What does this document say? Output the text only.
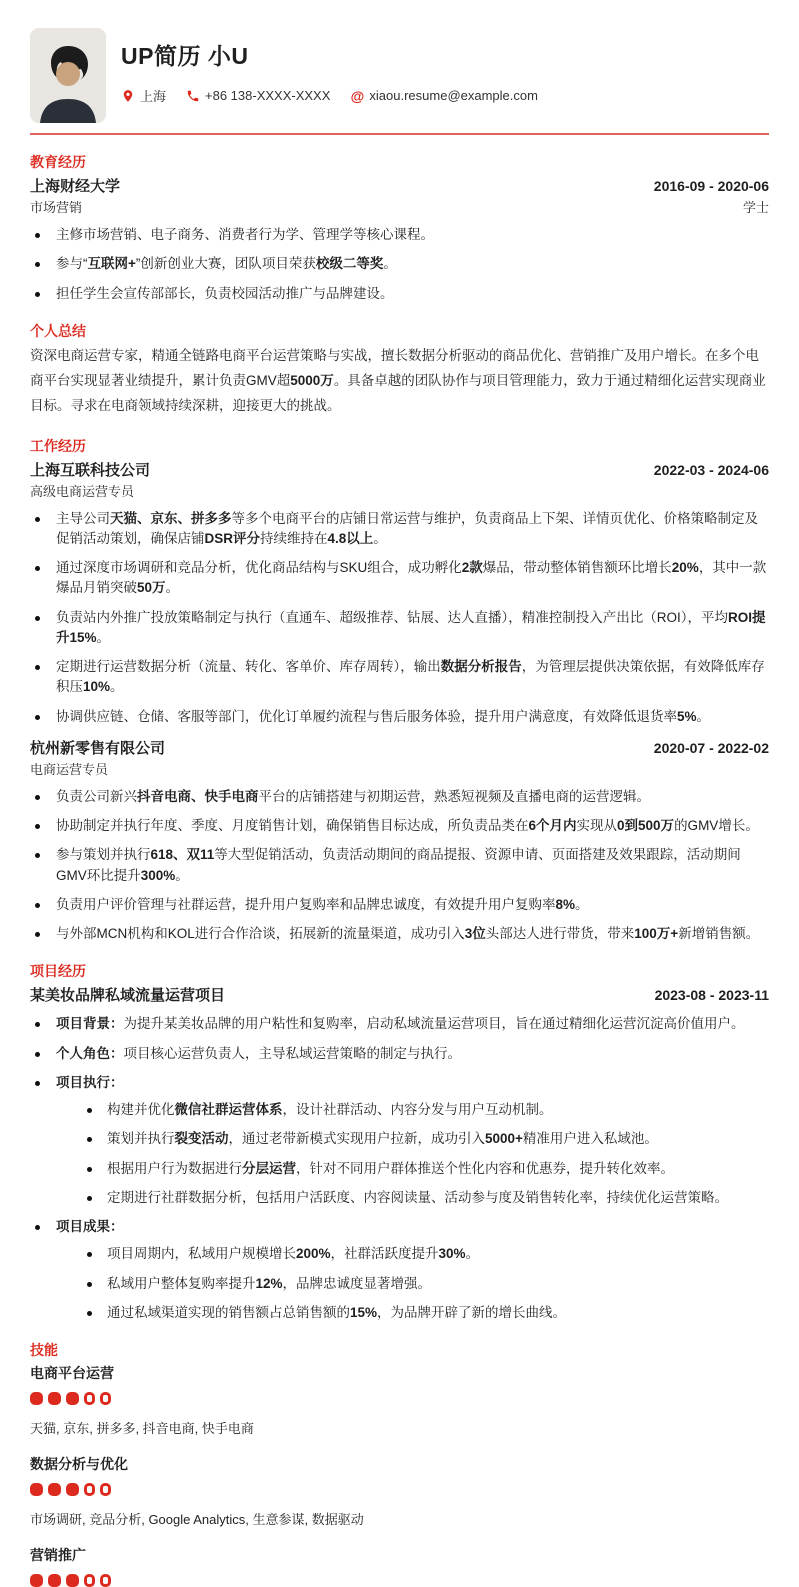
UP简历 小U
上海	+86 138-XXXX-XXXX @ xiaou.resume@example.com
教育经历
上海财经大学	2016-09 - 2020-06
市场营销	学士
主修市场营销、电子商务、消费者行为学、管理学等核心课程。
参与“互联网+”创新创业大赛，团队项目荣获校级二等奖。
担任学生会宣传部部长，负责校园活动推广与品牌建设。
个人总结

资深电商运营专家，精通全链路电商平台运营策略与实战，擅长数据分析驱动的商品优化、营销推广及用户增长。在多个电商平台实现显著业绩提升，累计负责GMV超5000万。具备卓越的团队协作与项目管理能力，致力于通过精细化运营实现商业目标。寻求在电商领域持续深耕，迎接更大的挑战。

工作经历
上海互联科技公司	2022-03 - 2024-06
高级电商运营专员
主导公司天猫、京东、拼多多等多个电商平台的店铺日常运营与维护，负责商品上下架、详情页优化、价格策略制定及促销活动策划，确保店铺DSR评分持续维持在4.8以上。
通过深度市场调研和竞品分析，优化商品结构与SKU组合，成功孵化2款爆品，带动整体销售额环比增长20%，其中一款爆品月销突破50万。
负责站内外推广投放策略制定与执行（直通车、超级推荐、钻展、达人直播），精准控制投入产出比（ROI），平均ROI提升15%。
定期进行运营数据分析（流量、转化、客单价、库存周转），输出数据分析报告，为管理层提供决策依据，有效降低库存积压10%。
协调供应链、仓储、客服等部门，优化订单履约流程与售后服务体验，提升用户满意度，有效降低退货率5%。
杭州新零售有限公司	2020-07 - 2022-02
电商运营专员
负责公司新兴抖音电商、快手电商平台的店铺搭建与初期运营，熟悉短视频及直播电商的运营逻辑。
协助制定并执行年度、季度、月度销售计划，确保销售目标达成，所负责品类在6个月内实现从0到500万的GMV增长。
参与策划并执行618、双11等大型促销活动，负责活动期间的商品提报、资源申请、页面搭建及效果跟踪，活动期间GMV环比提升300%。
负责用户评价管理与社群运营，提升用户复购率和品牌忠诚度，有效提升用户复购率8%。
与外部MCN机构和KOL进行合作洽谈，拓展新的流量渠道，成功引入3位头部达人进行带货，带来100万+新增销售额。
项目经历
某美妆品牌私域流量运营项目	2023-08 - 2023-11
项目背景：为提升某美妆品牌的用户粘性和复购率，启动私域流量运营项目，旨在通过精细化运营沉淀高价值用户。
个人角色：项目核心运营负责人，主导私域运营策略的制定与执行。
项目执行：
构建并优化微信社群运营体系，设计社群活动、内容分发与用户互动机制。
策划并执行裂变活动，通过老带新模式实现用户拉新，成功引入5000+精准用户进入私域池。
根据用户行为数据进行分层运营，针对不同用户群体推送个性化内容和优惠券，提升转化效率。
定期进行社群数据分析，包括用户活跃度、内容阅读量、活动参与度及销售转化率，持续优化运营策略。
项目成果：
项目周期内，私域用户规模增长200%，社群活跃度提升30%。
私域用户整体复购率提升12%，品牌忠诚度显著增强。
通过私域渠道实现的销售额占总销售额的15%，为品牌开辟了新的增长曲线。
技能
电商平台运营

天猫, 京东, 拼多多, 抖音电商, 快手电商

数据分析与优化

市场调研, 竞品分析, Google Analytics, 生意参谋, 数据驱动

营销推广
